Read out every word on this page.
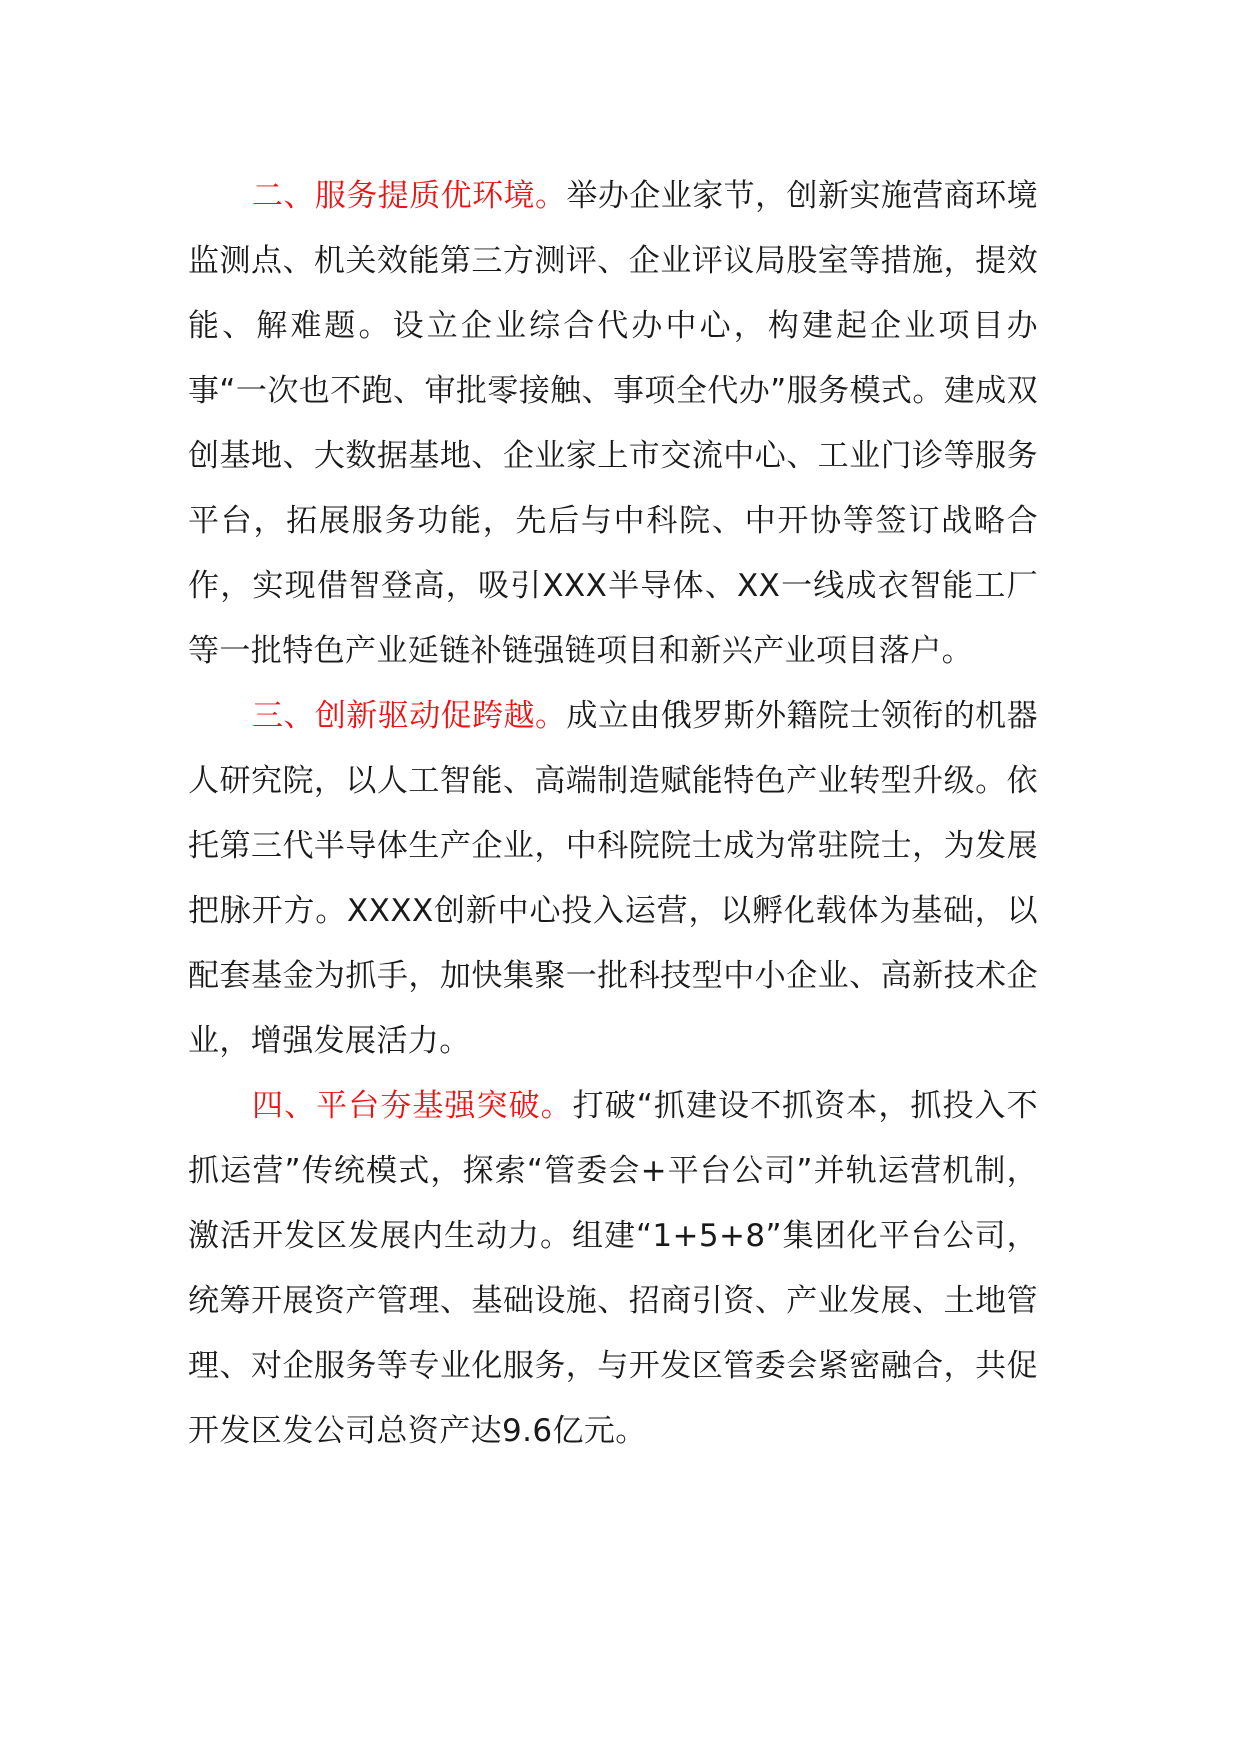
二、服务提质优环境。举办企业家节，创新实施营商环境监测点、机关效能第三方测评、企业评议局股室等措施，提效能、解难题。设立企业综合代办中心，构建起企业项目办事“一次也不跑、审批零接触、事项全代办”服务模式。建成双创基地、大数据基地、企业家上市交流中心、工业门诊等服务平台，拓展服务功能，先后与中科院、中开协等签订战略合作，实现借智登高，吸引XXX半导体、XX一线成衣智能工厂等一批特色产业延链补链强链项目和新兴产业项目落户。

三、创新驱动促跨越。成立由俄罗斯外籍院士领衔的机器人研究院，以人工智能、高端制造赋能特色产业转型升级。依托第三代半导体生产企业，中科院院士成为常驻院士，为发展把脉开方。XXXX创新中心投入运营，以孵化载体为基础，以配套基金为抓手，加快集聚一批科技型中小企业、高新技术企业，增强发展活力。

四、平台夯基强突破。打破“抓建设不抓资本，抓投入不抓运营”传统模式，探索“管委会+平台公司”并轨运营机制，激活开发区发展内生动力。组建“1+5+8”集团化平台公司，统筹开展资产管理、基础设施、招商引资、产业发展、土地管理、对企服务等专业化服务，与开发区管委会紧密融合，共促开发区发公司总资产达9.6亿元。
